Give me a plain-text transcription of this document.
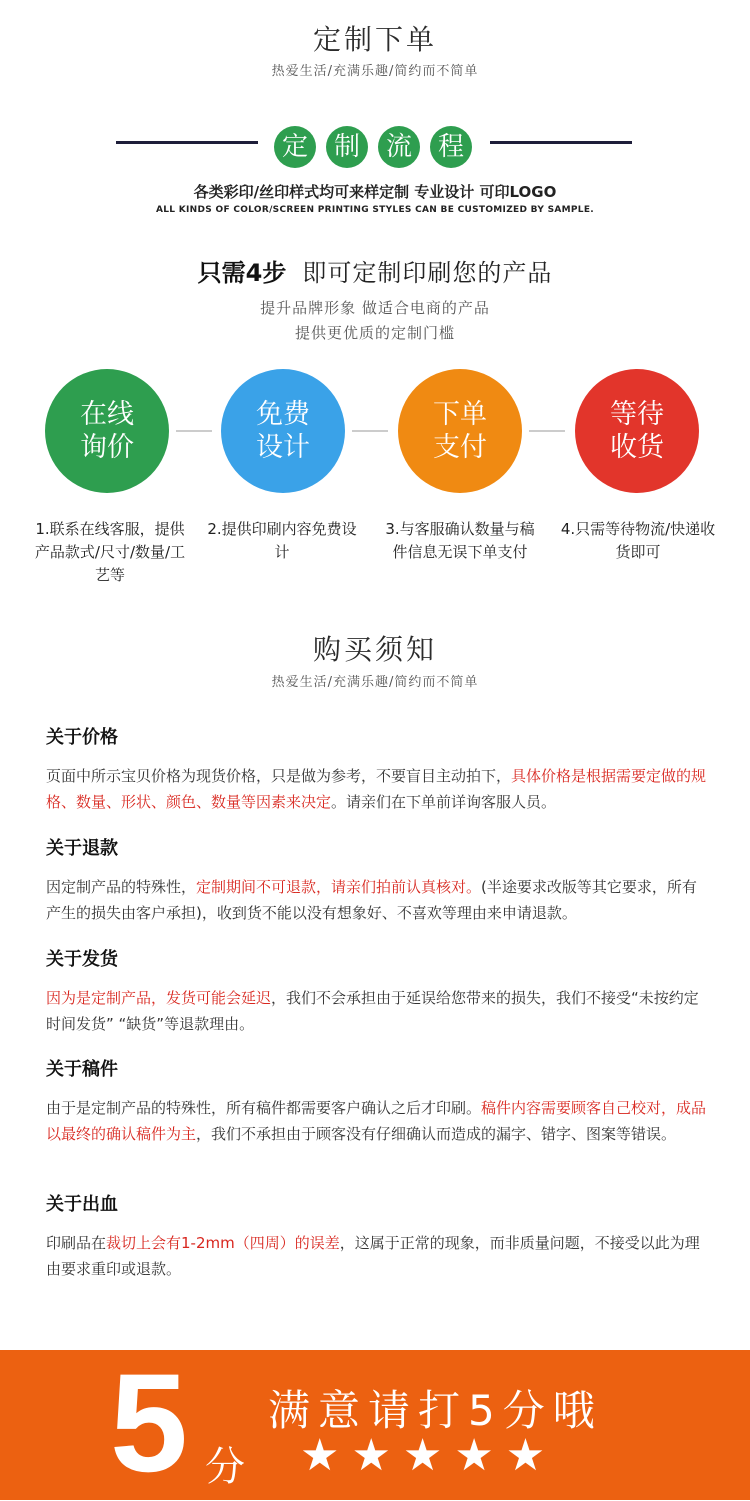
定制下单
热爱生活/充满乐趣/简约而不简单
定 制 流 程
各类彩印/丝印样式均可来样定制 专业设计 可印LOGO
ALL KINDS OF COLOR/SCREEN PRINTING STYLES CAN BE CUSTOMIZED BY SAMPLE.
只需4步 即可定制印刷您的产品
提升品牌形象 做适合电商的产品
提供更优质的定制门槛
在线
询价
免费
设计
下单
支付
等待
收货
1.联系在线客服，提供产品款式/尺寸/数量/工艺等
2.提供印刷内容免费设计
3.与客服确认数量与稿件信息无误下单支付
4.只需等待物流/快递收货即可
购买须知
热爱生活/充满乐趣/简约而不简单
关于价格
页面中所示宝贝价格为现货价格，只是做为参考，不要盲目主动拍下，具体价格是根据需要定做的规格、数量、形状、颜色、数量等因素来决定。请亲们在下单前详询客服人员。
关于退款
因定制产品的特殊性，定制期间不可退款，请亲们拍前认真核对。(半途要求改版等其它要求，所有产生的损失由客户承担)，收到货不能以没有想象好、不喜欢等理由来申请退款。
关于发货
因为是定制产品，发货可能会延迟，我们不会承担由于延误给您带来的损失，我们不接受“未按约定时间发货” “缺货”等退款理由。
关于稿件
由于是定制产品的特殊性，所有稿件都需要客户确认之后才印刷。稿件内容需要顾客自己校对，成品以最终的确认稿件为主，我们不承担由于顾客没有仔细确认而造成的漏字、错字、图案等错误。
关于出血
印刷品在裁切上会有1-2mm（四周）的误差，这属于正常的现象，而非质量问题，不接受以此为理由要求重印或退款。
5 分
满意请打5分哦
★★★★★
